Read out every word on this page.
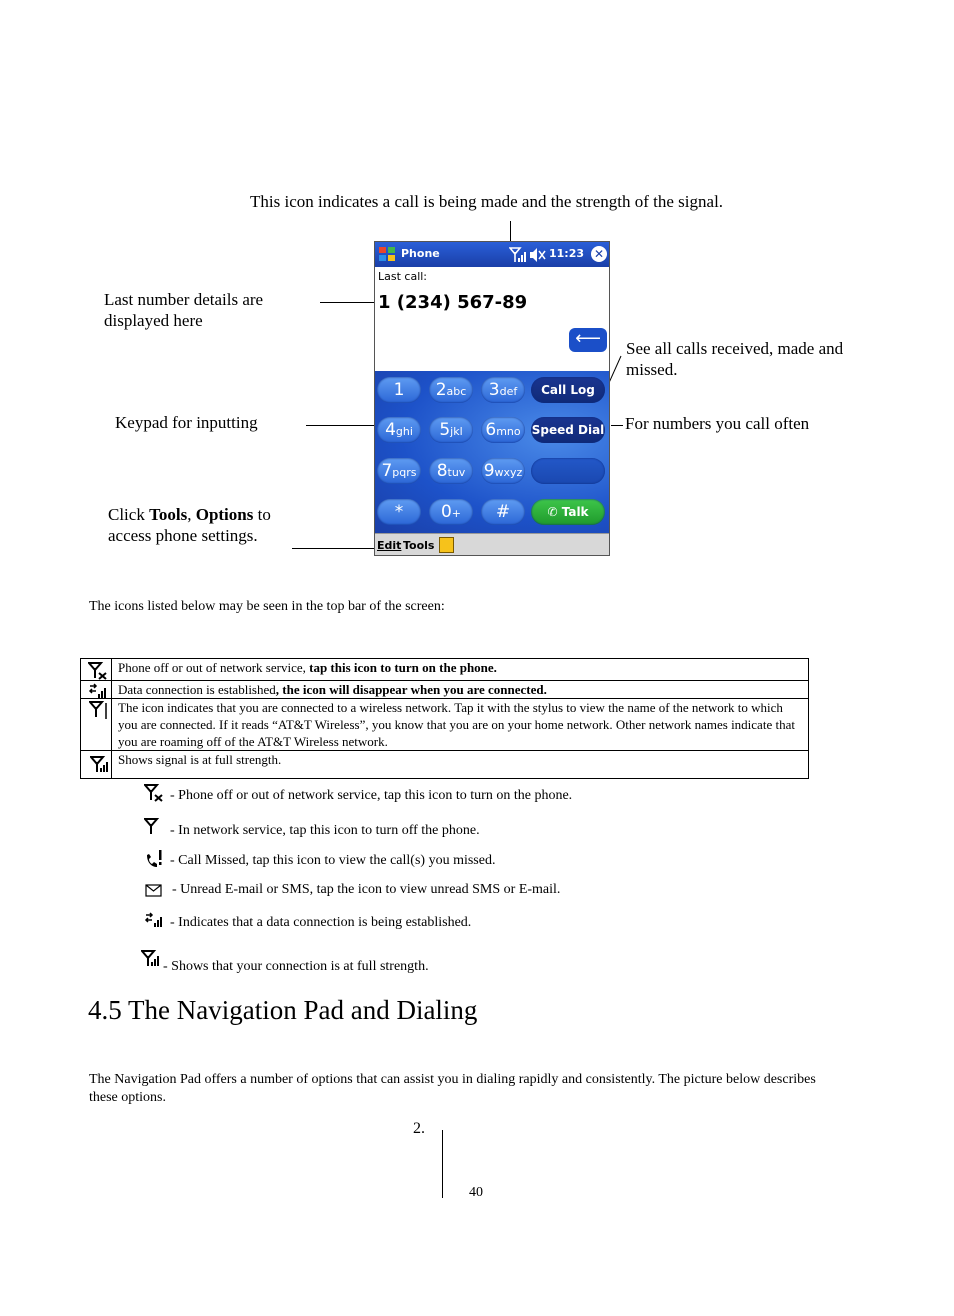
This icon indicates a call is being made and the strength of the signal.
Last number details are
displayed here
Keypad for inputting
Click Tools, Options to
access phone settings.
See all calls received, made and
missed.
For numbers you call often
Phone	11:23 ✕
Last call:
1 (234) 567-89
⟵
1	2abc	3def	Call Log
4ghi	5jkl	6mno Speed Dial
7pqrs	8tuv	9wxyz
*	0+	#	✆ Talk
Edit Tools
The icons listed below may be seen in the top bar of the screen:
	Phone off or out of network service, tap this icon to turn on the phone.

	Data connection is established, the icon will disappear when you are connected.

	The icon indicates that you are connected to a wireless network. Tap it with the stylus to view the name of the network to which you are connected. If it reads “AT&T Wireless”, you know that you are on your home network. Other network names indicate that you are roaming off of the AT&T Wireless network.

	Shows signal is at full strength.
- Phone off or out of network service, tap this icon to turn on the phone.
- In network service, tap this icon to turn off the phone.
- Call Missed, tap this icon to view the call(s) you missed.
- Unread E-mail or SMS, tap the icon to view unread SMS or E-mail.
- Indicates that a data connection is being established.
- Shows that your connection is at full strength.
4.5 The Navigation Pad and Dialing
The Navigation Pad offers a number of options that can assist you in dialing rapidly and consistently. The picture below describes these options.
2.
40
